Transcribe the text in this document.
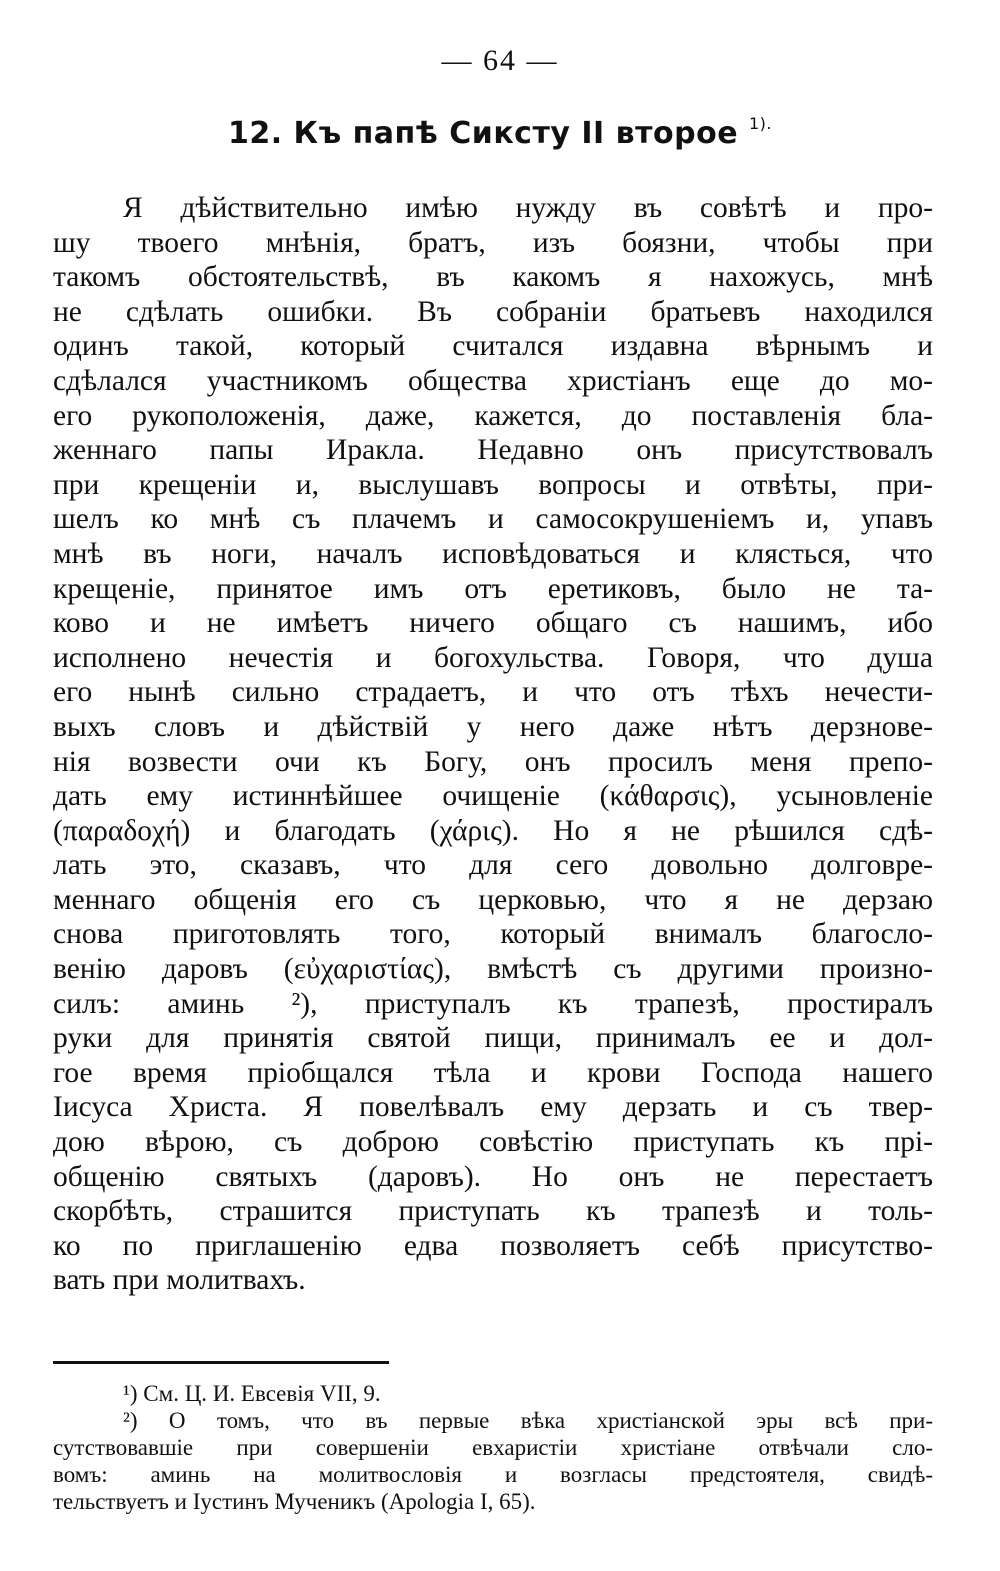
— 64 —
12. Къ папѣ Сиксту II второе $^{1).}$
Я дѣйствительно имѣю нужду въ совѣтѣ и про-
шу твоего мнѣнія, братъ, изъ боязни, чтобы при
такомъ обстоятельствѣ, въ какомъ я нахожусь, мнѣ
не сдѣлать ошибки. Въ собраніи братьевъ находился
одинъ такой, который считался издавна вѣрнымъ и
сдѣлался участникомъ общества христіанъ еще до мо-
его рукоположенія, даже, кажется, до поставленія бла-
женнаго папы Иракла. Недавно онъ присутствовалъ
при крещеніи и, выслушавъ вопросы и отвѣты, при-
шелъ ко мнѣ съ плачемъ и самосокрушеніемъ и, упавъ
мнѣ въ ноги, началъ исповѣдоваться и клясться, что
крещеніе, принятое имъ отъ еретиковъ, было не та-
ково и не имѣетъ ничего общаго съ нашимъ, ибо
исполнено нечестія и богохульства. Говоря, что душа
его нынѣ сильно страдаетъ, и что отъ тѣхъ нечести-
выхъ словъ и дѣйствій у него даже нѣтъ дерзнове-
нія возвести очи къ Богу, онъ просилъ меня препо-
дать ему истиннѣйшее очищеніе (κάθαρσις), усыновленіе
(παραδοχή) и благодать (χάρις). Но я не рѣшился сдѣ-
лать это, сказавъ, что для сего довольно долговре-
меннаго общенія его съ церковью, что я не дерзаю
снова приготовлять того, который внималъ благосло-
венію даровъ (εὐχαριστίας), вмѣстѣ съ другими произно-
силъ: аминь ²), приступалъ къ трапезѣ, простиралъ
руки для принятія святой пищи, принималъ ее и дол-
гое время пріобщался тѣла и крови Господа нашего
Іисуса Христа. Я повелѣвалъ ему дерзать и съ твер-
дою вѣрою, съ доброю совѣстію приступать къ прі-
общенію святыхъ (даровъ). Но онъ не перестаетъ
скорбѣть, страшится приступать къ трапезѣ и толь-
ко по приглашенію едва позволяетъ себѣ присутство-
вать при молитвахъ.
¹) См. Ц. И. Евсевія VII, 9.
²) О томъ, что въ первые вѣка христіанской эры всѣ при-
сутствовавшіе при совершеніи евхаристіи христіане отвѣчали сло-
вомъ: аминь на молитвословія и возгласы предстоятеля, свидѣ-
тельствуетъ и Іустинъ Мученикъ (Apologia I, 65).
